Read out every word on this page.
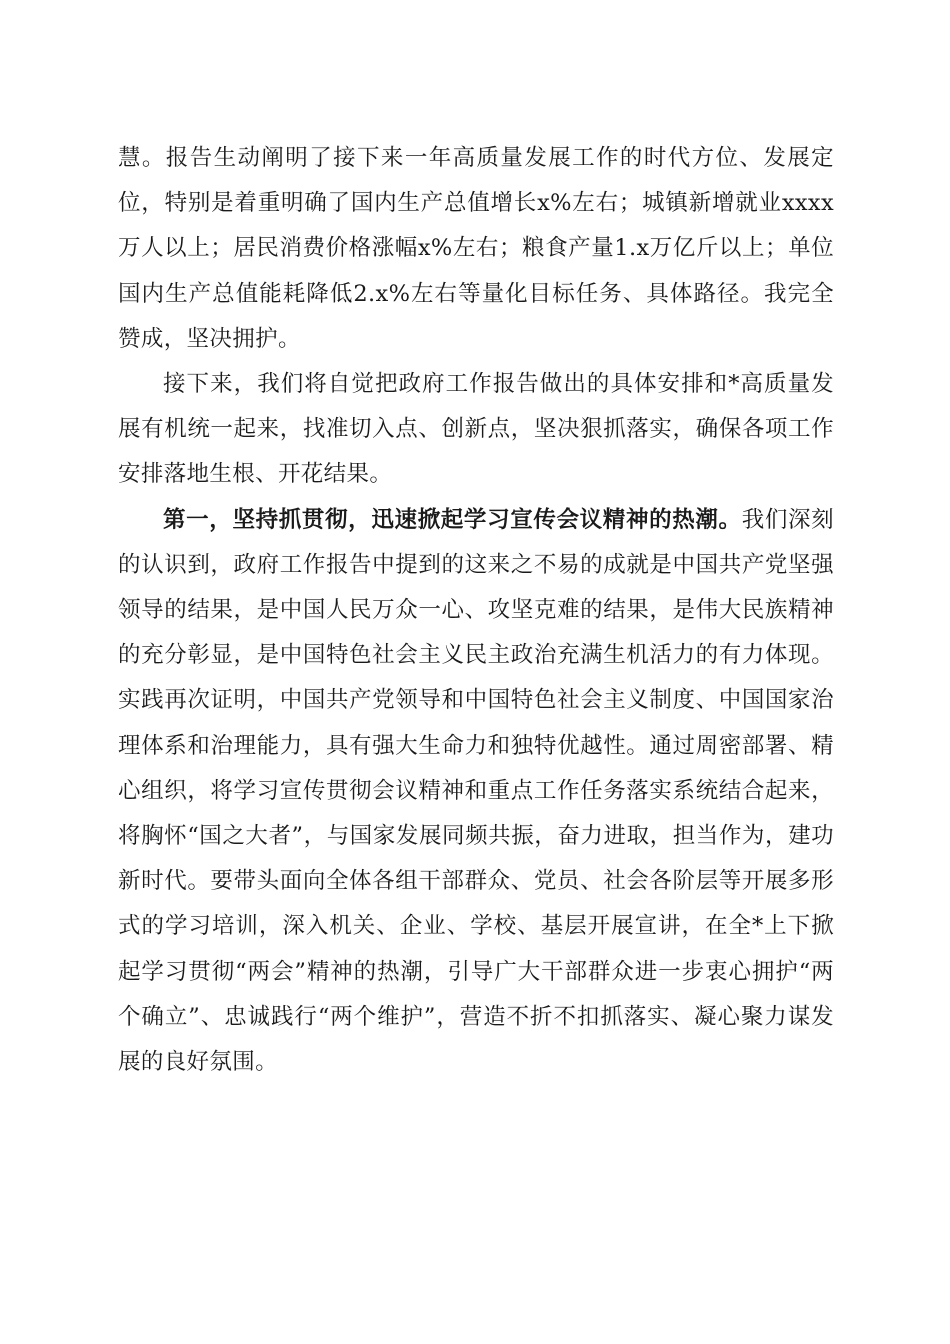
慧。报告生动阐明了接下来一年高质量发展工作的时代方位、发展定位，特别是着重明确了国内生产总值增长x%左右；城镇新增就业xxxx万人以上；居民消费价格涨幅x%左右；粮食产量1.x万亿斤以上；单位国内生产总值能耗降低2.x%左右等量化目标任务、具体路径。我完全赞成，坚决拥护。

接下来，我们将自觉把政府工作报告做出的具体安排和*高质量发展有机统一起来，找准切入点、创新点，坚决狠抓落实，确保各项工作安排落地生根、开花结果。

第一，坚持抓贯彻，迅速掀起学习宣传会议精神的热潮。我们深刻的认识到，政府工作报告中提到的这来之不易的成就是中国共产党坚强领导的结果，是中国人民万众一心、攻坚克难的结果，是伟大民族精神的充分彰显，是中国特色社会主义民主政治充满生机活力的有力体现。实践再次证明，中国共产党领导和中国特色社会主义制度、中国国家治理体系和治理能力，具有强大生命力和独特优越性。通过周密部署、精心组织，将学习宣传贯彻会议精神和重点工作任务落实系统结合起来，将胸怀“国之大者”，与国家发展同频共振，奋力进取，担当作为，建功新时代。要带头面向全体各组干部群众、党员、社会各阶层等开展多形式的学习培训，深入机关、企业、学校、基层开展宣讲，在全*上下掀起学习贯彻“两会”精神的热潮，引导广大干部群众进一步衷心拥护“两个确立”、忠诚践行“两个维护”，营造不折不扣抓落实、凝心聚力谋发展的良好氛围。
